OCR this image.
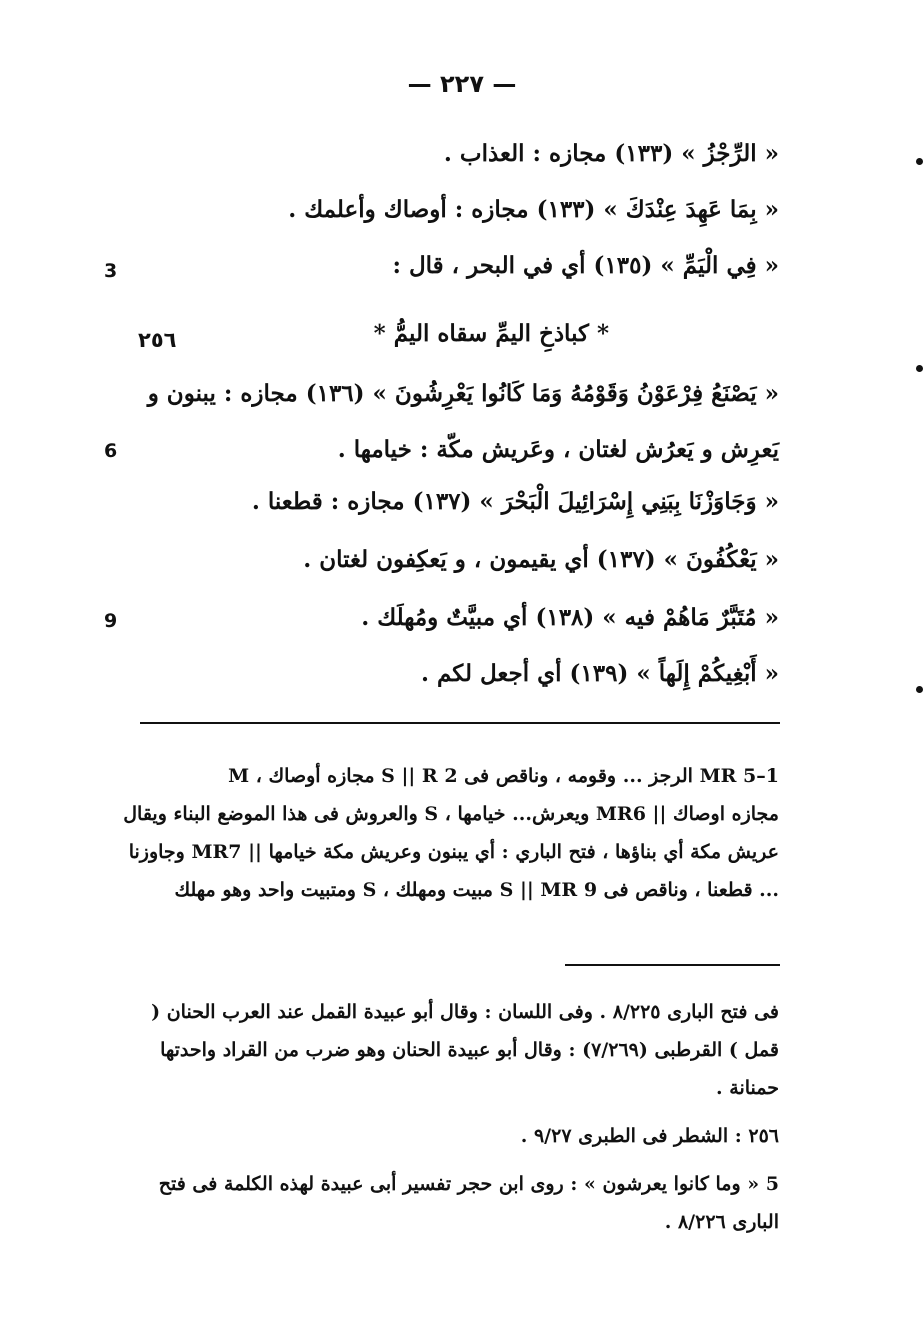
— ٢٢٧ —
« الرِّجْزُ » (١٣٣) مجازه : العذاب .
« بِمَا عَهِدَ عِنْدَكَ » (١٣٣) مجازه : أوصاك وأعلمك .
« فِي الْيَمِّ » (١٣٥) أي في البحر ، قال :
* كباذخِ اليمِّ سقاه اليمُّ *
« يَصْنَعُ فِرْعَوْنُ وَقَوْمُهُ وَمَا كَانُوا يَعْرِشُونَ » (١٣٦) مجازه : يبنون و يَعرِش و يَعرُش لغتان ، وعَريش مكّة : خيامها .
« وَجَاوَزْنَا بِبَنِي إِسْرَائِيلَ الْبَحْرَ » (١٣٧) مجازه : قطعنا .
« يَعْكُفُونَ » (١٣٧) أي يقيمون ، و يَعكِفون لغتان .
« مُتَبَّرٌ مَاهُمْ فيه » (١٣٨) أي مبيَّتٌ ومُهلَك .
« أَبْغِيكُمْ إِلَهاً » (١٣٩) أي أجعل لكم .
3
6
9
٢٥٦
1–5 MR الرجز ... وقومه ، وناقص فى S || R 2 مجازه أوصاك ، M
مجازه اوصاك || MR6 ويعرش... خيامها ، S والعروش فى هذا الموضع البناء ويقال
عريش مكة أي بناؤها ، فتح الباري : أي يبنون وعريش مكة خيامها || MR7 وجاوزنا
... قطعنا ، وناقص فى S || MR 9 مبيت ومهلك ، S ومتبيت واحد وهو مهلك
فى فتح البارى ٨/٢٢٥ . وفى اللسان : وقال أبو عبيدة القمل عند العرب الحنان ( قمل ) القرطبى (٧/٢٦٩) : وقال أبو عبيدة الحنان وهو ضرب من القراد واحدتها حمنانة .
٢٥٦ : الشطر فى الطبرى ٩/٢٧ .
5 « وما كانوا يعرشون » : روى ابن حجر تفسير أبى عبيدة لهذه الكلمة فى فتح البارى ٨/٢٢٦ .
